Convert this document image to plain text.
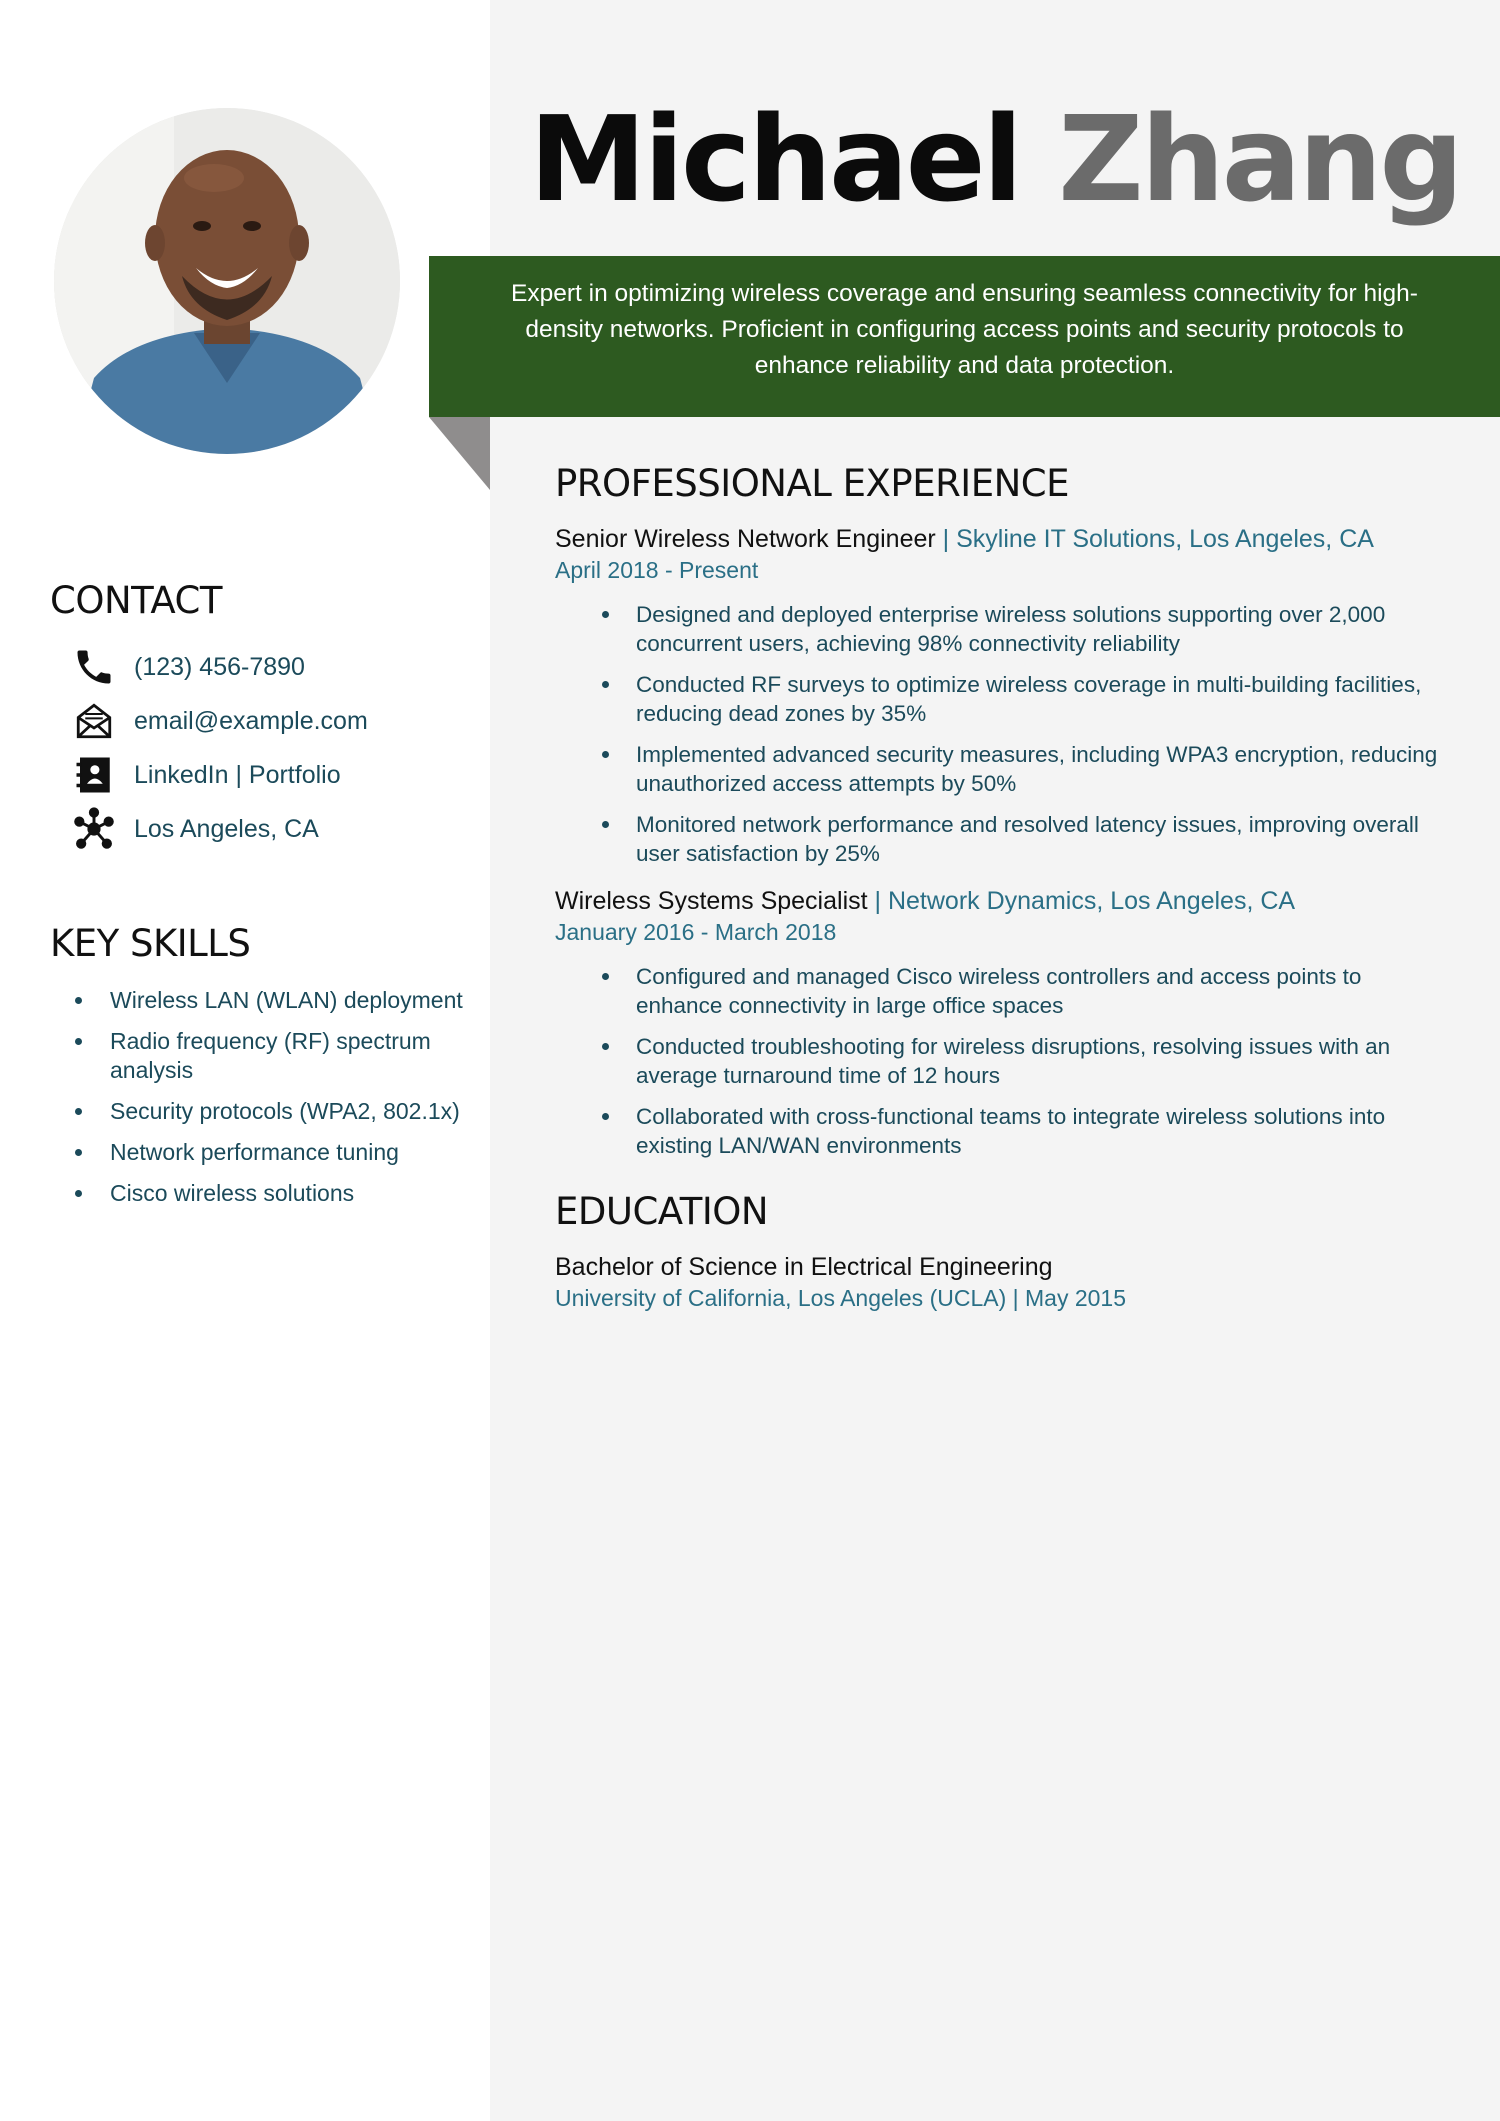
Michael Zhang
Expert in optimizing wireless coverage and ensuring seamless connectivity for high-density networks. Proficient in configuring access points and security protocols to enhance reliability and data protection.
CONTACT
(123) 456-7890
email@example.com
LinkedIn | Portfolio
Los Angeles, CA
KEY SKILLS
Wireless LAN (WLAN) deployment
Radio frequency (RF) spectrum analysis
Security protocols (WPA2, 802.1x)
Network performance tuning
Cisco wireless solutions
PROFESSIONAL EXPERIENCE
Senior Wireless Network Engineer | Skyline IT Solutions, Los Angeles, CA
April 2018 - Present
Designed and deployed enterprise wireless solutions supporting over 2,000 concurrent users, achieving 98% connectivity reliability
Conducted RF surveys to optimize wireless coverage in multi-building facilities, reducing dead zones by 35%
Implemented advanced security measures, including WPA3 encryption, reducing unauthorized access attempts by 50%
Monitored network performance and resolved latency issues, improving overall user satisfaction by 25%
Wireless Systems Specialist | Network Dynamics, Los Angeles, CA
January 2016 - March 2018
Configured and managed Cisco wireless controllers and access points to enhance connectivity in large office spaces
Conducted troubleshooting for wireless disruptions, resolving issues with an average turnaround time of 12 hours
Collaborated with cross-functional teams to integrate wireless solutions into existing LAN/WAN environments
EDUCATION
Bachelor of Science in Electrical Engineering
University of California, Los Angeles (UCLA) | May 2015
